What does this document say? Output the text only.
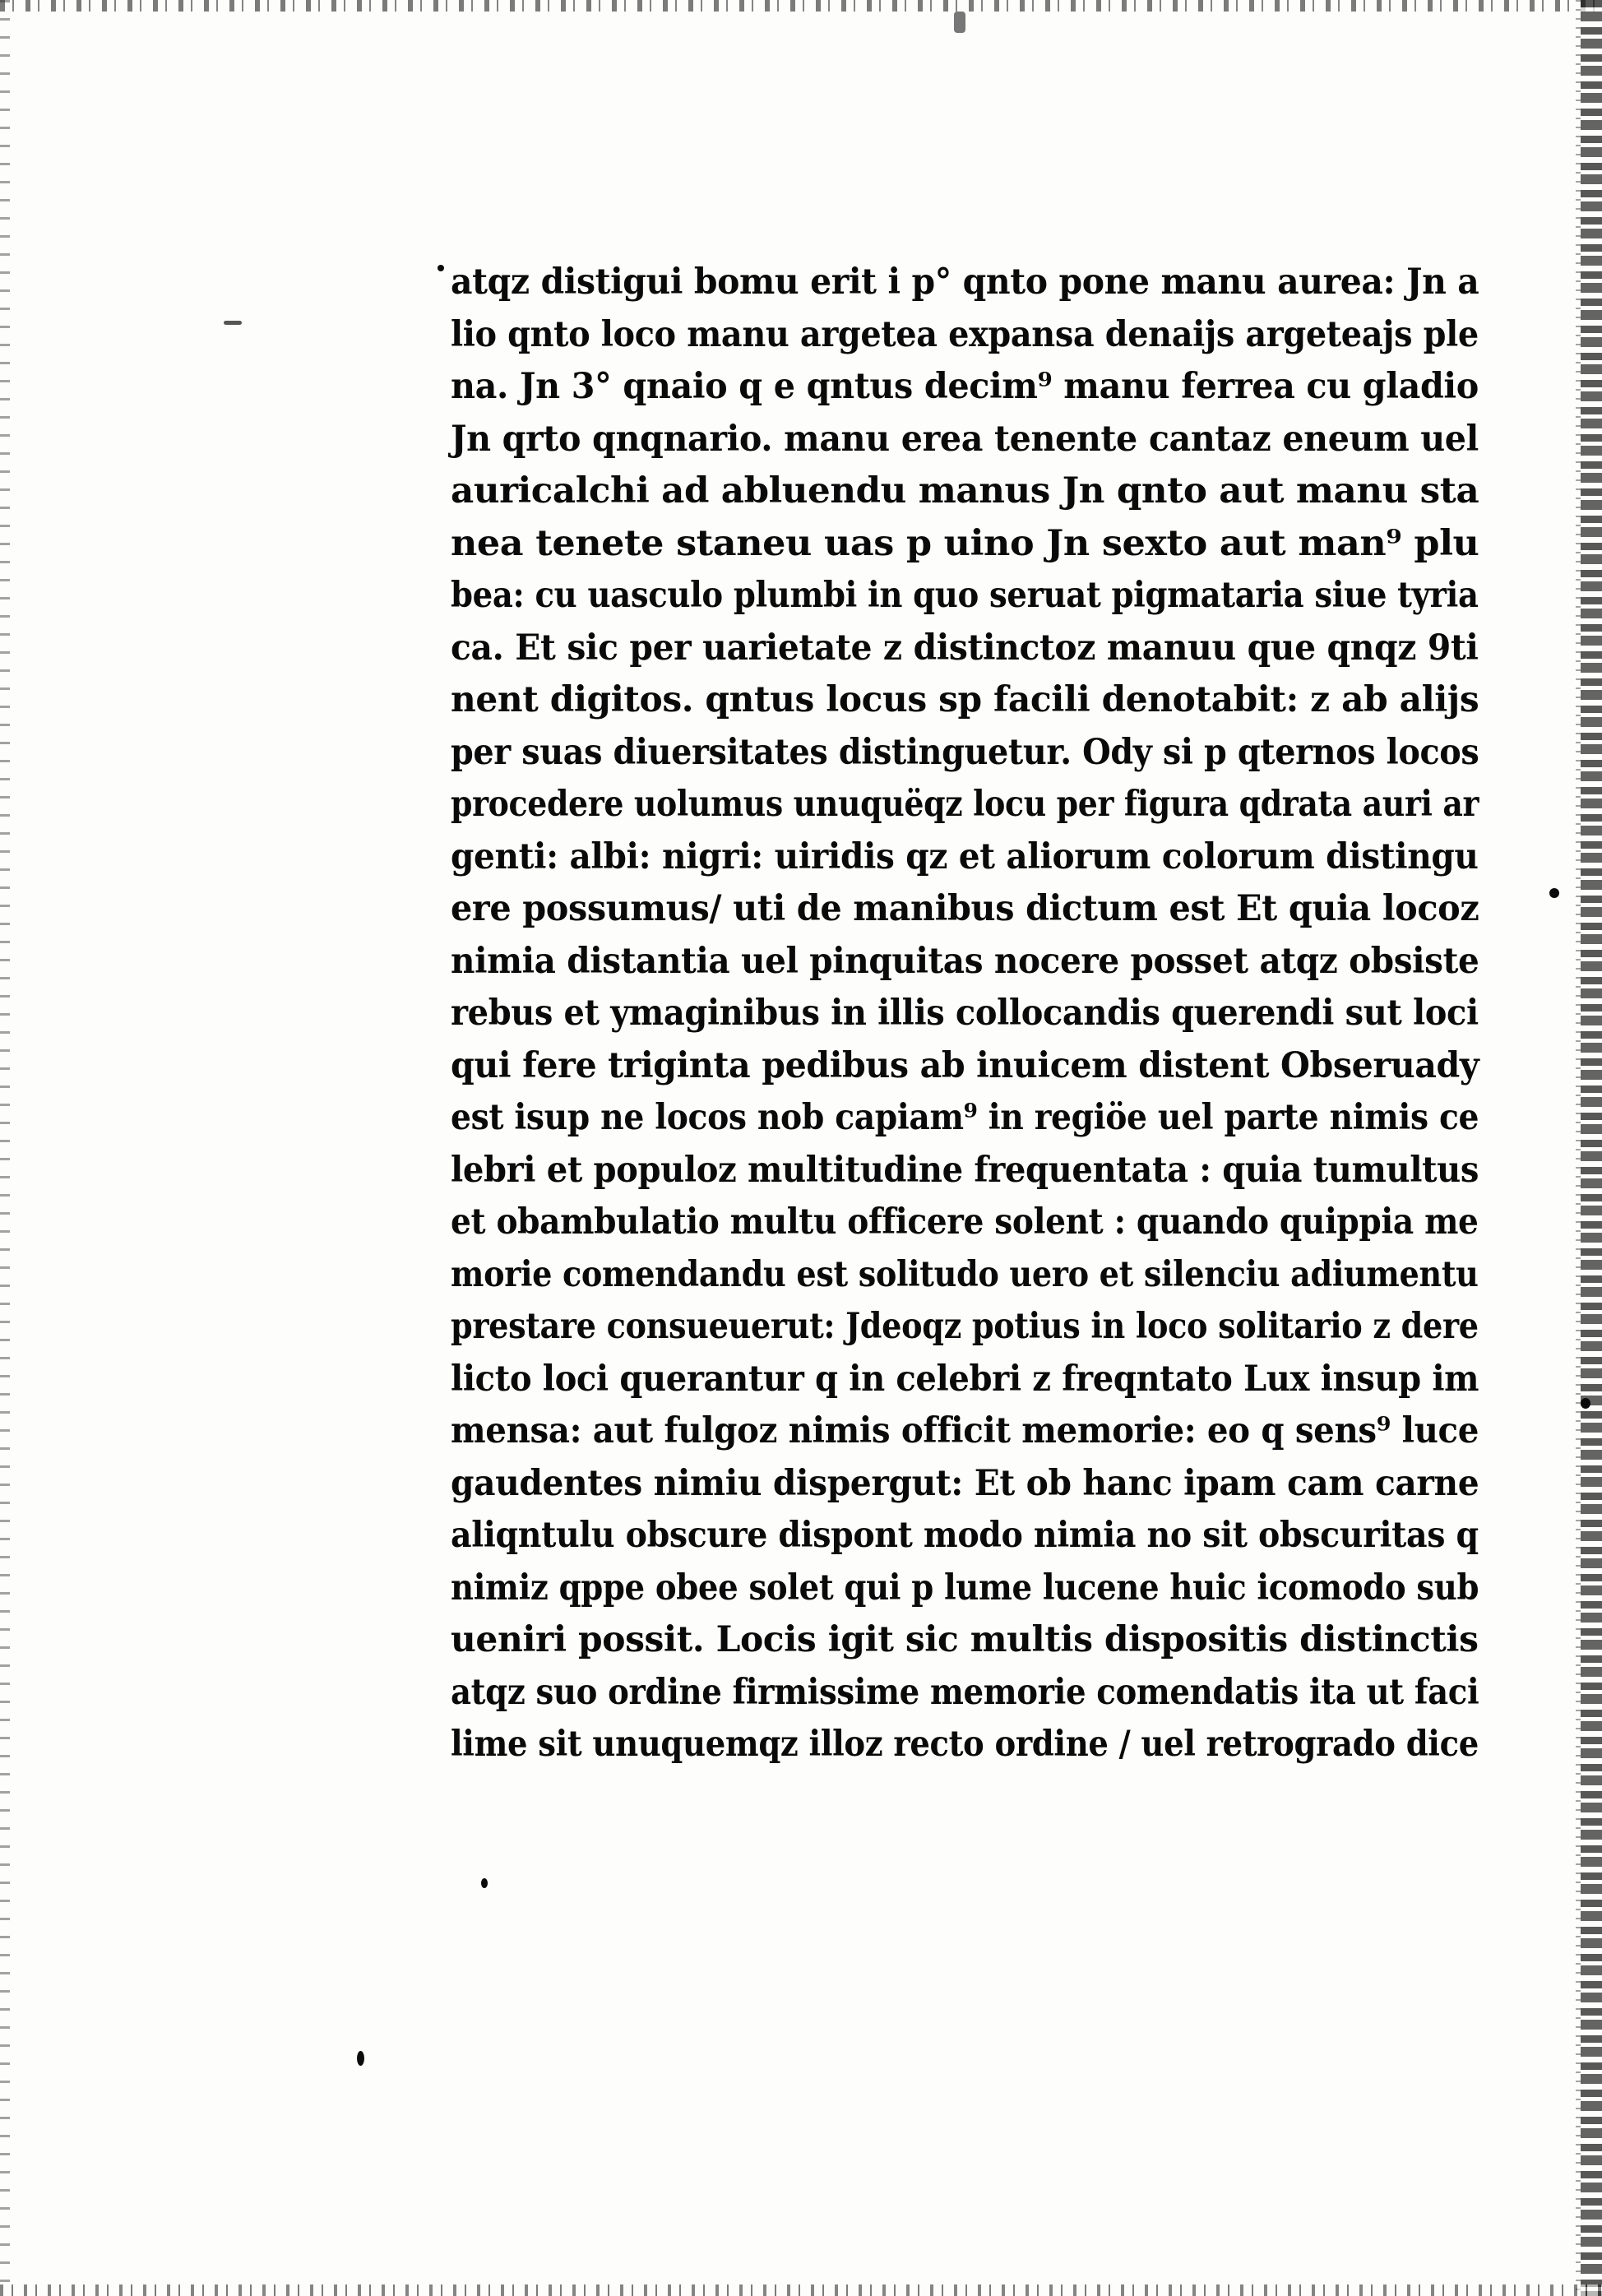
atqz distigui bomu erit i p° qnto pone manu aurea: Jn a
lio qnto loco manu argetea expansa denaijs argeteajs ple
na. Jn 3° qnaio q e qntus decim⁹ manu ferrea cu gladio
Jn qrto qnqnario. manu erea tenente cantaz eneum uel
auricalchi ad abluendu manus Jn qnto aut manu sta
nea tenete staneu uas p uino Jn sexto aut man⁹ plu
bea: cu uasculo plumbi in quo seruat pigmataria siue tyria
ca. Et sic per uarietate z distinctoz manuu que qnqz 9ti
nent digitos. qntus locus sp facili denotabit: z ab alijs
per suas diuersitates distinguetur. Ody si p qternos locos
procedere uolumus unuquëqz locu per figura qdrata auri ar
genti: albi: nigri: uiridis qz et aliorum colorum distingu
ere possumus/ uti de manibus dictum est Et quia locoz
nimia distantia uel pinquitas nocere posset atqz obsiste
rebus et ymaginibus in illis collocandis querendi sut loci
qui fere triginta pedibus ab inuicem distent Obseruady
est isup ne locos nob capiam⁹ in regiöe uel parte nimis ce
lebri et populoz multitudine frequentata : quia tumultus
et obambulatio multu officere solent : quando quippia me
morie comendandu est solitudo uero et silenciu adiumentu
prestare consueuerut: Jdeoqz potius in loco solitario z dere
licto loci querantur q in celebri z freqntato Lux insup im
mensa: aut fulgoz nimis officit memorie: eo q sens⁹ luce
gaudentes nimiu dispergut: Et ob hanc ipam cam carne
aliqntulu obscure dispont modo nimia no sit obscuritas q
nimiz qppe obee solet qui p lume lucene huic icomodo sub
ueniri possit. Locis igit sic multis dispositis distinctis
atqz suo ordine firmissime memorie comendatis ita ut faci
lime sit unuquemqz illoz recto ordine / uel retrogrado dice
